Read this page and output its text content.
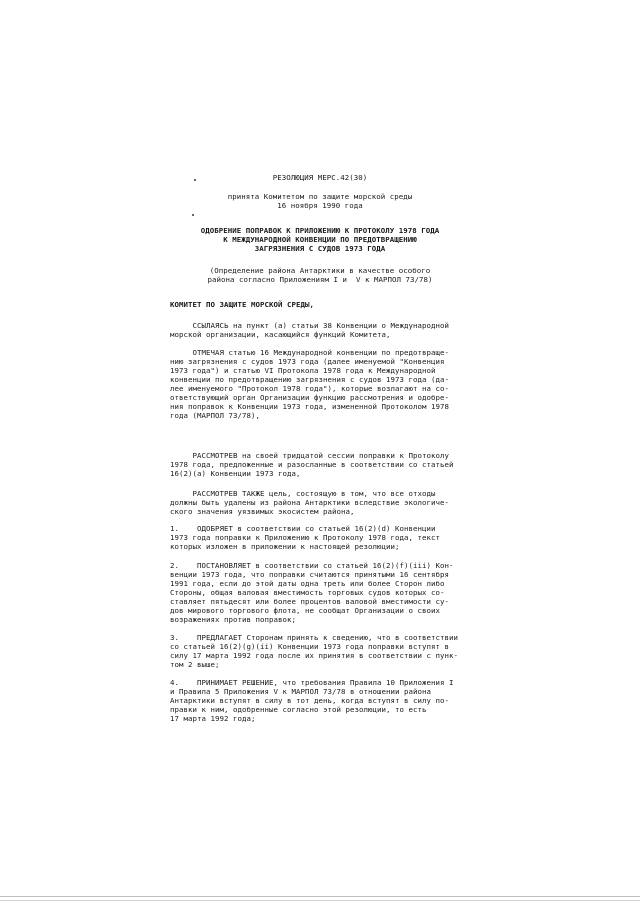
РЕЗОЛЮЦИЯ МЕРС.42(30)
принята Комитетом по защите морской среды
16 ноября 1990 года
ОДОБРЕНИЕ ПОПРАВОК К ПРИЛОЖЕНИЮ К ПРОТОКОЛУ 1978 ГОДА
К МЕЖДУНАРОДНОЙ КОНВЕНЦИИ ПО ПРЕДОТВРАЩЕНИЮ
ЗАГРЯЗНЕНИЯ С СУДОВ 1973 ГОДА
(Определение района Антарктики в качестве особого
района согласно Приложениям I и  V к МАРПОЛ 73/78)
КОМИТЕТ ПО ЗАЩИТЕ МОРСКОЙ СРЕДЫ,
ССЫЛАЯСЬ на пункт (а) статьи 38 Конвенции о Международной
морской организации, касающийся функций Комитета,
ОТМЕЧАЯ статью 16 Международной конвенции по предотвраще-
нию загрязнения с судов 1973 года (далее именуемой "Конвенция
1973 года") и статью VI Протокола 1978 года к Международной
конвенции по предотвращению загрязнения с судов 1973 года (да-
лее именуемого "Протокол 1978 года"), которые возлагают на со-
ответствующий орган Организации функцию рассмотрения и одобре-
ния поправок к Конвенции 1973 года, измененной Протоколом 1978
года (МАРПОЛ 73/78),
РАССМОТРЕВ на своей тридцатой сессии поправки к Протоколу
1978 года, предложенные и разосланные в соответствии со статьей
16(2)(а) Конвенции 1973 года,
РАССМОТРЕВ ТАКЖЕ цель, состоящую в том, что все отходы
должны быть удалены из района Антарктики вследствие экологиче-
ского значения уязвимых экосистем района,
1.    ОДОБРЯЕТ в соответствии со статьей 16(2)(d) Конвенции
1973 года поправки к Приложению к Протоколу 1978 года, текст
которых изложен в приложении к настоящей резолюции;
2.    ПОСТАНОВЛЯЕТ в соответствии со статьей 16(2)(f)(iii) Кон-
венции 1973 года, что поправки считаются принятыми 16 сентября
1991 года, если до этой даты одна треть или более Сторон либо
Стороны, общая валовая вместимость торговых судов которых со-
ставляет пятьдесят или более процентов валовой вместимости су-
дов мирового торгового флота, не сообщат Организации о своих
возражениях против поправок;
3.    ПРЕДЛАГАЕТ Сторонам принять к сведению, что в соответствии
со статьей 16(2)(g)(ii) Конвенции 1973 года поправки вступят в
силу 17 марта 1992 года после их принятия в соответствии с пунк-
том 2 выше;
4.    ПРИНИМАЕТ РЕШЕНИЕ, что требования Правила 10 Приложения I
и Правила 5 Приложения V к МАРПОЛ 73/78 в отношении района
Антарктики вступят в силу в тот день, когда вступят в силу по-
правки к ним, одобренные согласно этой резолюции, то есть
17 марта 1992 года;
